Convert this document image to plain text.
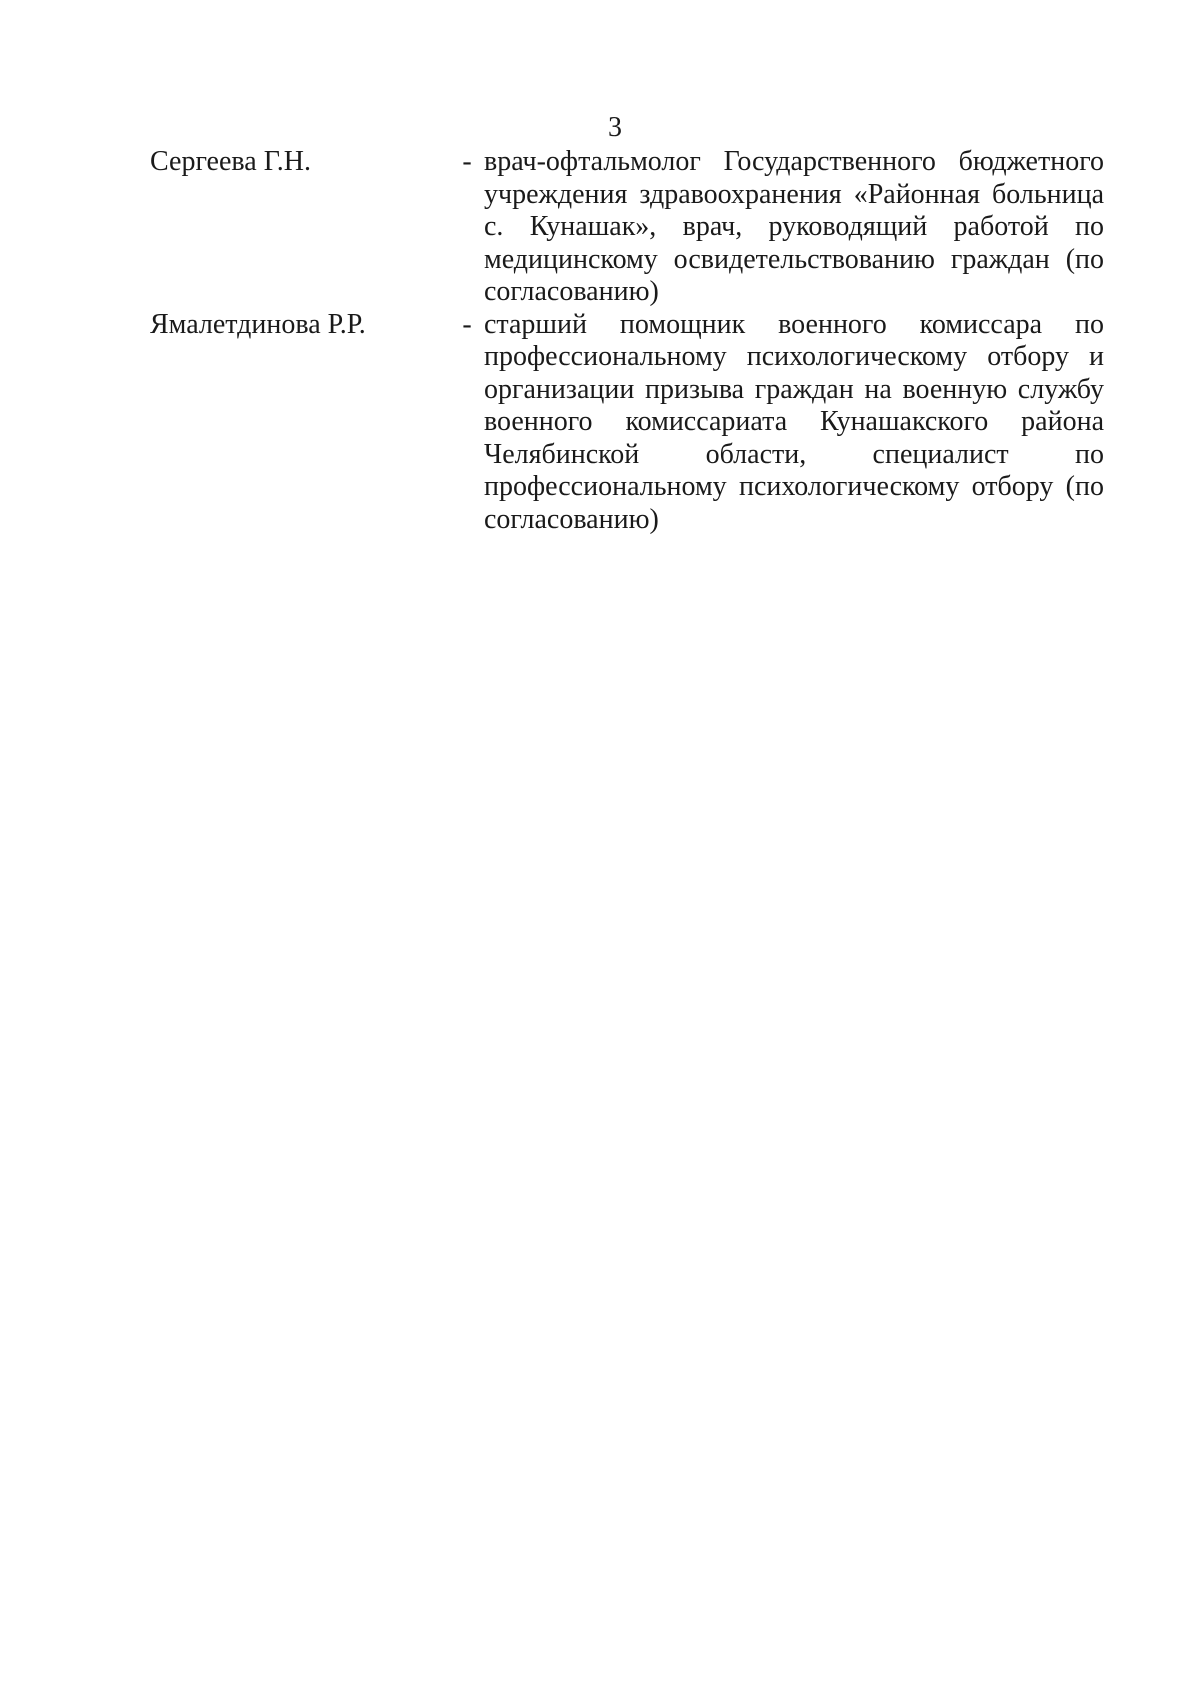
3
Сергеева Г.Н.	- врач-офтальмолог Государственного бюджетного учреждения здравоохранения «Районная больница с. Кунашак», врач, руководящий работой по медицинскому освидетельствованию граждан (по согласованию)
Ямалетдинова Р.Р.	- старший помощник военного комиссара по профессиональному психологическому отбору и организации призыва граждан на военную службу военного комиссариата Кунашакского района Челябинской области, специалист по профессиональному психологическому отбору (по согласованию)
